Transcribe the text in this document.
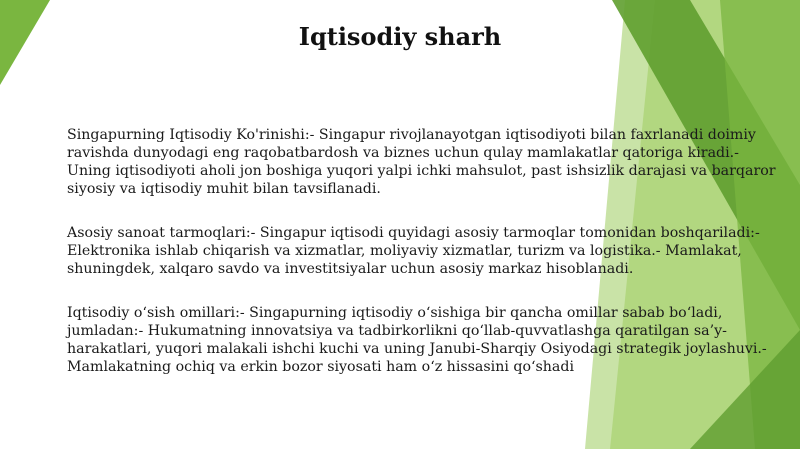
Iqtisodiy sharh

Singapurning Iqtisodiy Ko'rinishi:- Singapur rivojlanayotgan iqtisodiyoti bilan faxrlanadi doimiy ravishda dunyodagi eng raqobatbardosh va biznes uchun qulay mamlakatlar qatoriga kiradi.- Uning iqtisodiyoti aholi jon boshiga yuqori yalpi ichki mahsulot, past ishsizlik darajasi va barqaror siyosiy va iqtisodiy muhit bilan tavsiflanadi.

Asosiy sanoat tarmoqlari:- Singapur iqtisodi quyidagi asosiy tarmoqlar tomonidan boshqariladi:- Elektronika ishlab chiqarish va xizmatlar, moliyaviy xizmatlar, turizm va logistika.- Mamlakat, shuningdek, xalqaro savdo va investitsiyalar uchun asosiy markaz hisoblanadi.

Iqtisodiy o‘sish omillari:- Singapurning iqtisodiy o‘sishiga bir qancha omillar sabab bo‘ladi, jumladan:- Hukumatning innovatsiya va tadbirkorlikni qo‘llab-quvvatlashga qaratilgan sa’y-harakatlari, yuqori malakali ishchi kuchi va uning Janubi-Sharqiy Osiyodagi strategik joylashuvi.- Mamlakatning ochiq va erkin bozor siyosati ham o‘z hissasini qo‘shadi
